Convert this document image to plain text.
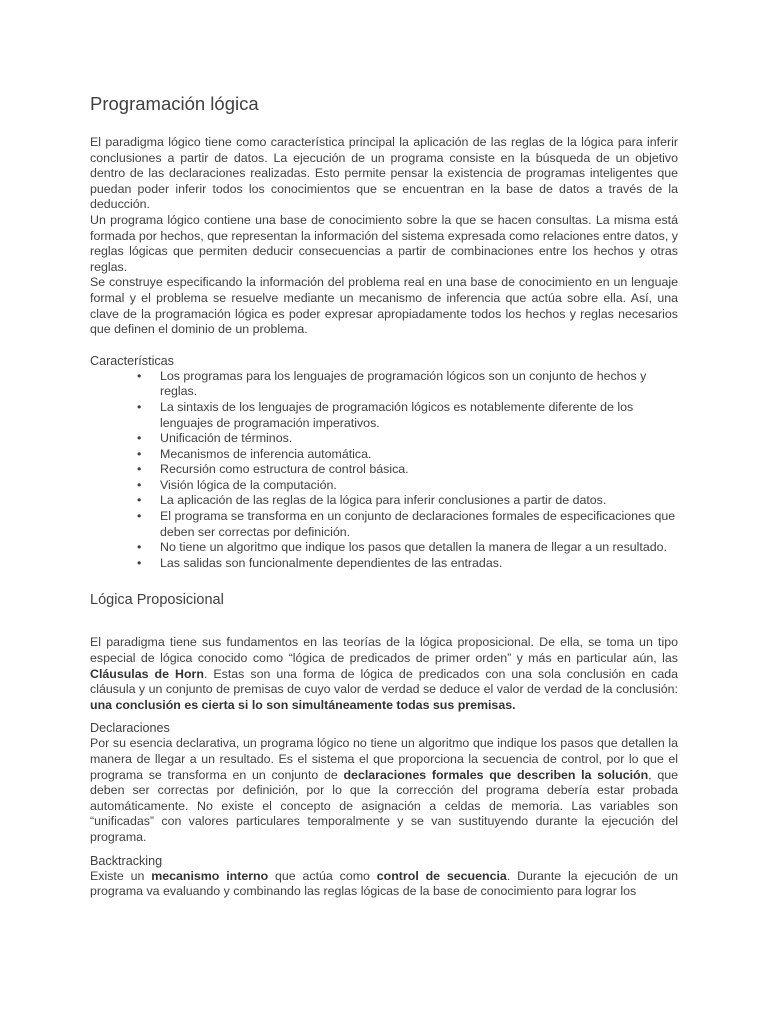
Programación lógica

El paradigma lógico tiene como característica principal la aplicación de las reglas de la lógica para inferir conclusiones a partir de datos. La ejecución de un programa consiste en la búsqueda de un objetivo dentro de las declaraciones realizadas. Esto permite pensar la existencia de programas inteligentes que puedan poder inferir todos los conocimientos que se encuentran en la base de datos a través de la deducción.

Un programa lógico contiene una base de conocimiento sobre la que se hacen consultas. La misma está formada por hechos, que representan la información del sistema expresada como relaciones entre datos, y reglas lógicas que permiten deducir consecuencias a partir de combinaciones entre los hechos y otras reglas.

Se construye especificando la información del problema real en una base de conocimiento en un lenguaje formal y el problema se resuelve mediante un mecanismo de inferencia que actúa sobre ella. Así, una clave de la programación lógica es poder expresar apropiadamente todos los hechos y reglas necesarios que definen el dominio de un problema.

Características
• Los programas para los lenguajes de programación lógicos son un conjunto de hechos y reglas.
• La sintaxis de los lenguajes de programación lógicos es notablemente diferente de los lenguajes de programación imperativos.
• Unificación de términos.
• Mecanismos de inferencia automática.
• Recursión como estructura de control básica.
• Visión lógica de la computación.
• La aplicación de las reglas de la lógica para inferir conclusiones a partir de datos.
• El programa se transforma en un conjunto de declaraciones formales de especificaciones que deben ser correctas por definición.
• No tiene un algoritmo que indique los pasos que detallen la manera de llegar a un resultado.
• Las salidas son funcionalmente dependientes de las entradas.
Lógica Proposicional

El paradigma tiene sus fundamentos en las teorías de la lógica proposicional. De ella, se toma un tipo especial de lógica conocido como “lógica de predicados de primer orden” y más en particular aún, las Cláusulas de Horn. Estas son una forma de lógica de predicados con una sola conclusión en cada cláusula y un conjunto de premisas de cuyo valor de verdad se deduce el valor de verdad de la conclusión: una conclusión es cierta si lo son simultáneamente todas sus premisas.

Declaraciones

Por su esencia declarativa, un programa lógico no tiene un algoritmo que indique los pasos que detallen la manera de llegar a un resultado. Es el sistema el que proporciona la secuencia de control, por lo que el programa se transforma en un conjunto de declaraciones formales que describen la solución, que deben ser correctas por definición, por lo que la corrección del programa debería estar probada automáticamente. No existe el concepto de asignación a celdas de memoria. Las variables son “unificadas” con valores particulares temporalmente y se van sustituyendo durante la ejecución del programa.

Backtracking

Existe un mecanismo interno que actúa como control de secuencia. Durante la ejecución de un programa va evaluando y combinando las reglas lógicas de la base de conocimiento para lograr los
